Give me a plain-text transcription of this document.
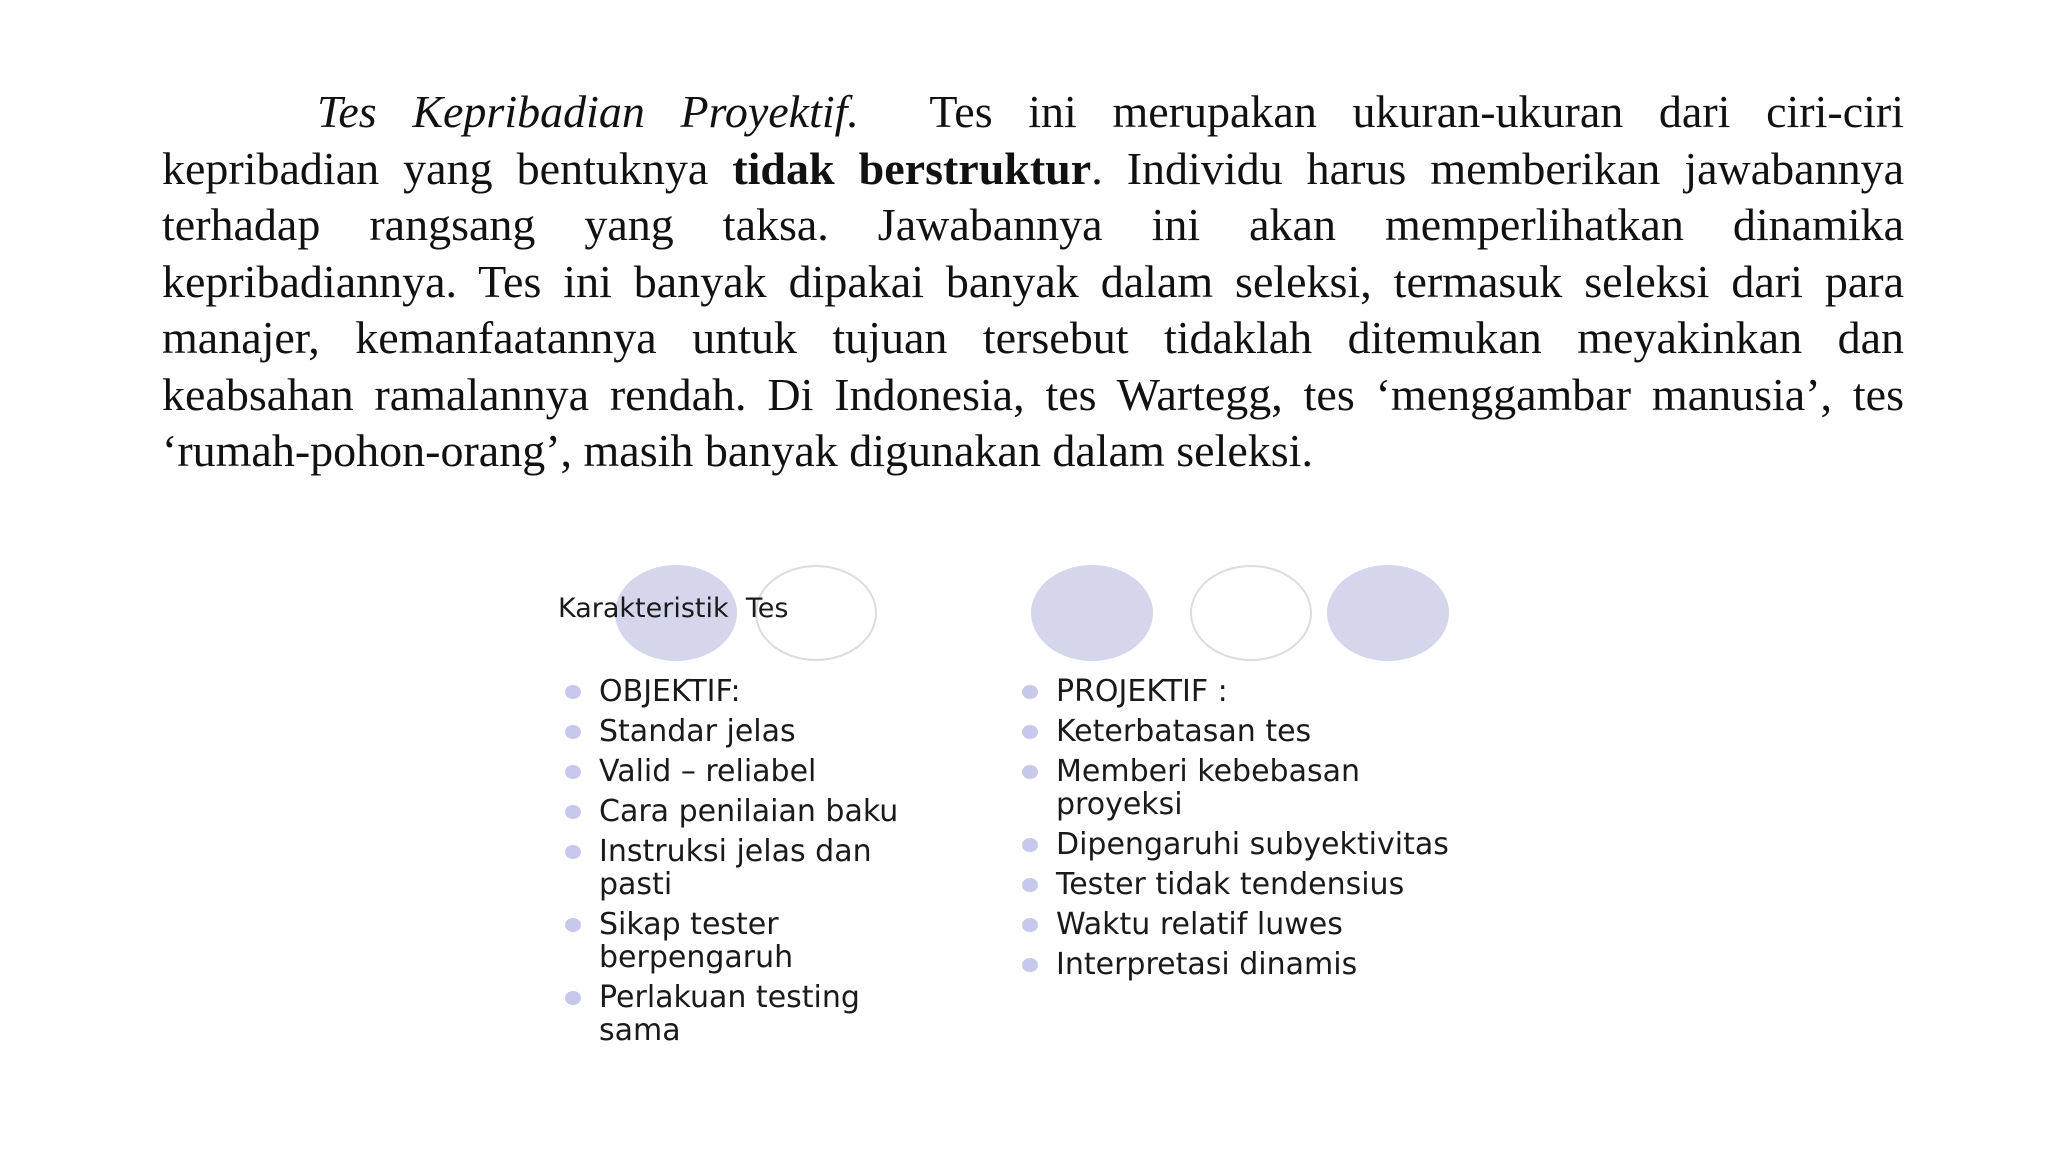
Tes Kepribadian Proyektif.  Tes ini merupakan ukuran-ukuran dari ciri-ciri kepribadian yang bentuknya tidak berstruktur. Individu harus memberikan jawabannya terhadap rangsang yang taksa. Jawabannya ini akan memperlihatkan dinamika kepribadiannya. Tes ini banyak dipakai banyak dalam seleksi, termasuk seleksi dari para manajer, kemanfaatannya untuk tujuan tersebut tidaklah ditemukan meyakinkan dan keabsahan ramalannya rendah. Di Indonesia, tes Wartegg, tes ‘menggambar manusia’, tes ‘rumah-pohon-orang’, masih banyak digunakan dalam seleksi.

Karakteristik  Tes
OBJEKTIF:
Standar jelas
Valid – reliabel
Cara penilaian baku
Instruksi jelas dan pasti
Sikap tester berpengaruh
Perlakuan testing sama
PROJEKTIF :
Keterbatasan tes
Memberi kebebasan proyeksi
Dipengaruhi subyektivitas
Tester tidak tendensius
Waktu relatif luwes
Interpretasi dinamis
